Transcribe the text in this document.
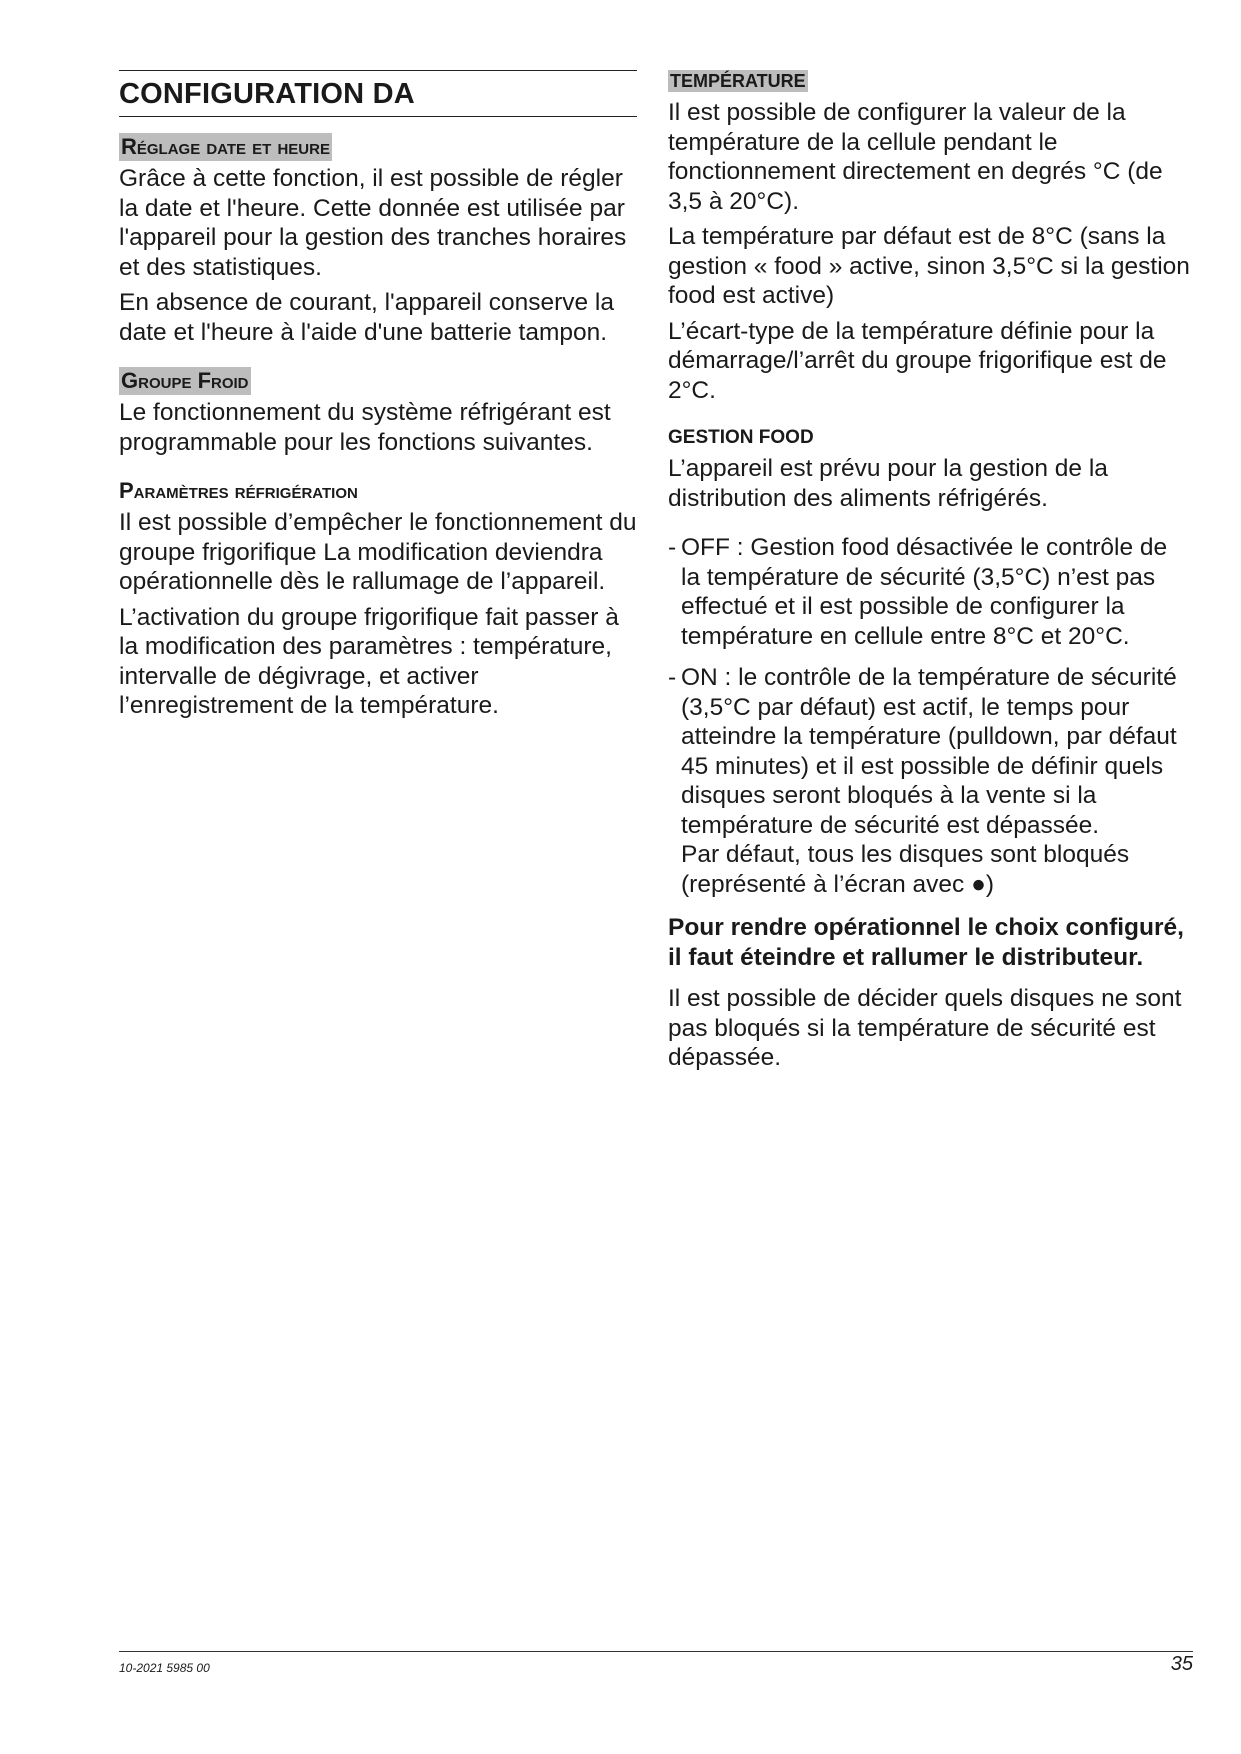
CONFIGURATION DA
Réglage date et heure

Grâce à cette fonction, il est possible de régler la date et l'heure. Cette donnée est utilisée par l'appareil pour la gestion des tranches horaires et des statistiques.

En absence de courant, l'appareil conserve la date et l'heure à l'aide d'une batterie tampon.

Groupe Froid

Le fonctionnement du système réfrigérant est programmable pour les fonctions suivantes.

Paramètres réfrigération

Il est possible d’empêcher le fonctionnement du groupe frigorifique La modification deviendra opérationnelle dès le rallumage de l’appareil.

L’activation du groupe frigorifique fait passer à la modification des paramètres : température, intervalle de dégivrage, et activer l’enregistrement de la température.

TEMPÉRATURE

Il est possible de configurer la valeur de la température de la cellule pendant le fonctionnement directement en degrés °C (de 3,5 à 20°C).

La température par défaut est de 8°C (sans la gestion « food » active, sinon 3,5°C si la gestion food est active)

L’écart-type de la température définie pour la démarrage/l’arrêt du groupe frigorifique est de 2°C.

GESTION FOOD

L’appareil est prévu pour la gestion de la distribution des aliments réfrigérés.

- OFF : Gestion food désactivée le contrôle de la température de sécurité (3,5°C) n’est pas effectué et il est possible de configurer la température en cellule entre 8°C et 20°C.
- ON : le contrôle de la température de sécurité (3,5°C par défaut) est actif, le temps pour atteindre la température (pulldown, par défaut 45 minutes) et il est possible de définir quels disques seront bloqués à la vente si la température de sécurité est dépassée.
Par défaut, tous les disques sont bloqués (représenté à l’écran avec ●)
Pour rendre opérationnel le choix configuré, il faut éteindre et rallumer le distributeur.

Il est possible de décider quels disques ne sont pas bloqués si la température de sécurité est dépassée.

10-2021 5985 00	35
